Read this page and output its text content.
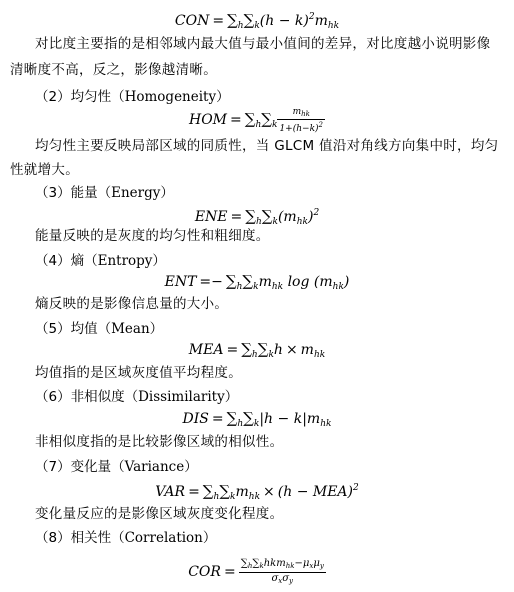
CON = $\sum_h\sum_k(h - k)^2m_{hk}$
对比度主要指的是相邻域内最大值与最小值间的差异，对比度越小说明影像
清晰度不高，反之，影像越清晰。
（2）均匀性（Homogeneity）
HOM = $\sum_h\sum_k \frac{m_{hk}}{1+(h-k)^2}$
均匀性主要反映局部区域的同质性，当 GLCM 值沿对角线方向集中时，均匀
性就增大。
（3）能量（Energy）
ENE = $\sum_h\sum_k(m_{hk})^2$
能量反映的是灰度的均匀性和粗细度。
（4）熵（Entropy）
ENT =− $\sum_h\sum_km_{hk}$ $\log (m_{hk})$
熵反映的是影像信息量的大小。
（5）均值（Mean）
MEA = $\sum_h\sum_kh \times m_{hk}$
均值指的是区域灰度值平均程度。
（6）非相似度（Dissimilarity）
DIS = $\sum_h\sum_k|h - k|m_{hk}$
非相似度指的是比较影像区域的相似性。
（7）变化量（Variance）
VAR = $\sum_h\sum_km_{hk} \times (h - MEA)^2$
变化量反应的是影像区域灰度变化程度。
（8）相关性（Correlation）
COR = $\frac{\sum_h\sum_khkm_{hk}-\mu_x\mu_y}{\sigma_x\sigma_y}$
